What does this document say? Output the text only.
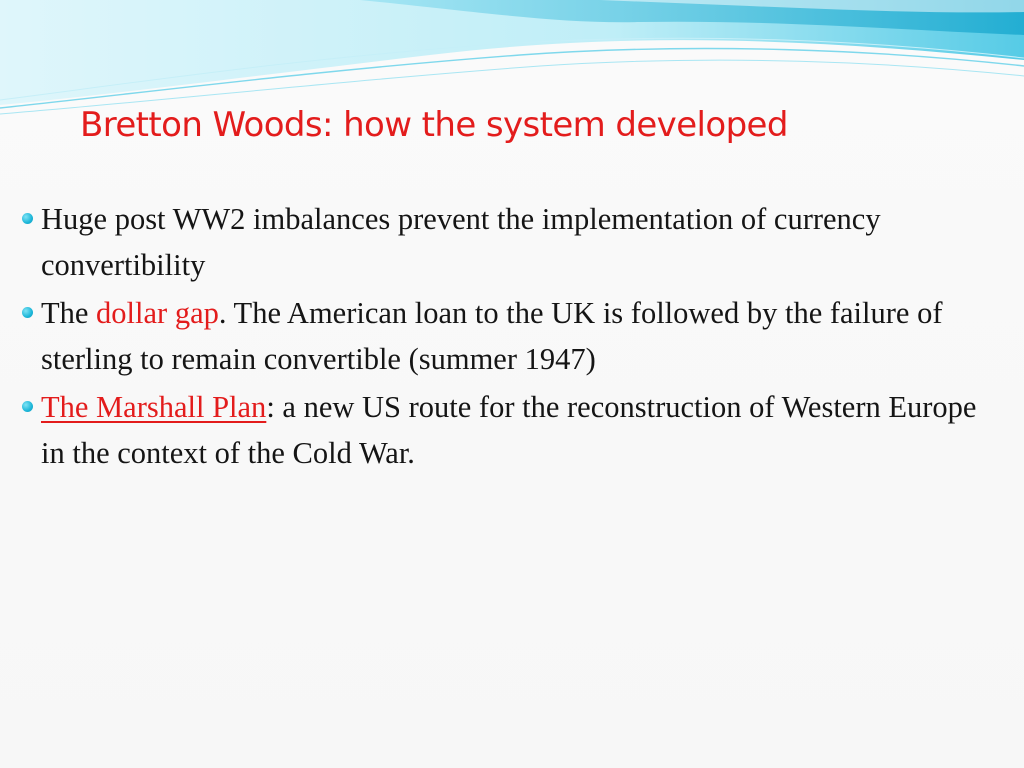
Bretton Woods: how the system developed
Huge post WW2 imbalances prevent the implementation of currency convertibility
The dollar gap. The American loan to the UK is followed by the failure of sterling to remain convertible (summer 1947)
The Marshall Plan: a new US route for the reconstruction of Western Europe in the context of the Cold War.
